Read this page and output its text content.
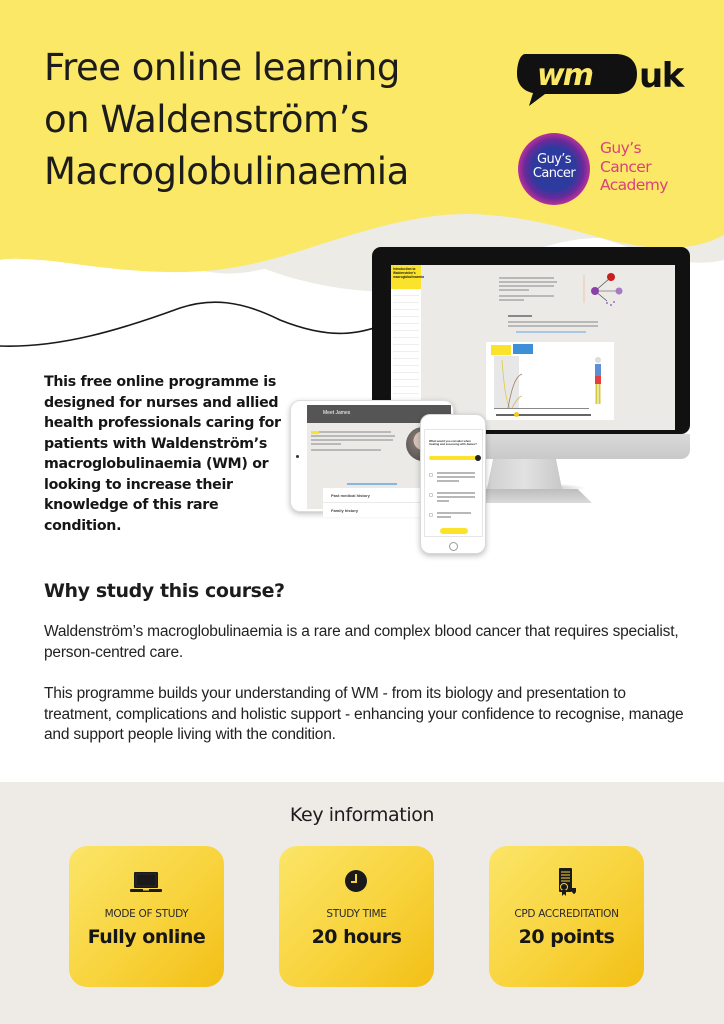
Free online learning
on Waldenström’s
Macroglobulinaemia
wm uk
Guy’s
Cancer
Guy’s
Cancer
Academy
Introduction to Waldenström’s macroglobulinaemia
Meet James
Past medical history
Family history
What would you consider when treating and assessing with James?

This free online programme is designed for nurses and allied health professionals caring for patients with Waldenström’s macroglobulinaemia (WM) or looking to increase their knowledge of this rare condition.

Why study this course?

Waldenström’s macroglobulinaemia is a rare and complex blood cancer that requires specialist, person-centred care.

This programme builds your understanding of WM - from its biology and presentation to treatment, complications and holistic support - enhancing your confidence to recognise, manage and support people living with the condition.

Key information
MODE OF STUDY
Fully online
STUDY TIME
20 hours
CPD ACCREDITATION
20 points
